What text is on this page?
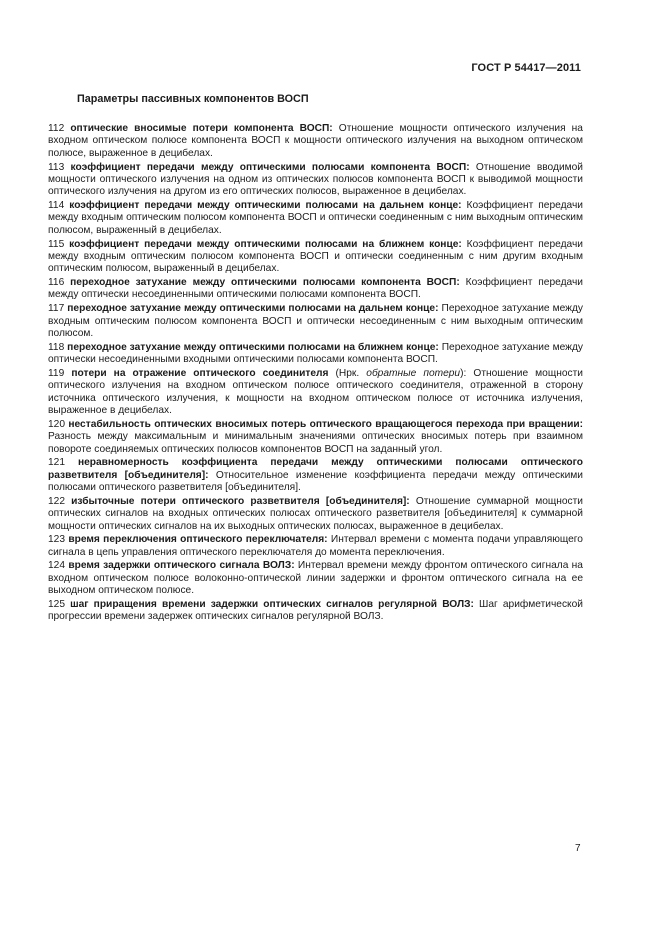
ГОСТ Р 54417—2011
Параметры пассивных компонентов ВОСП

112 оптические вносимые потери компонента ВОСП: Отношение мощности оптического излучения на входном оптическом полюсе компонента ВОСП к мощности оптического излучения на выходном оптическом полюсе, выраженное в децибелах.

113 коэффициент передачи между оптическими полюсами компонента ВОСП: Отношение вводимой мощности оптического излучения на одном из оптических полюсов компонента ВОСП к выводимой мощности оптического излучения на другом из его оптических полюсов, выраженное в децибелах.

114 коэффициент передачи между оптическими полюсами на дальнем конце: Коэффициент передачи между входным оптическим полюсом компонента ВОСП и оптически соединенным с ним выходным оптическим полюсом, выраженный в децибелах.

115 коэффициент передачи между оптическими полюсами на ближнем конце: Коэффициент передачи между входным оптическим полюсом компонента ВОСП и оптически соединенным с ним другим входным оптическим полюсом, выраженный в децибелах.

116 переходное затухание между оптическими полюсами компонента ВОСП: Коэффициент передачи между оптически несоединенными оптическими полюсами компонента ВОСП.

117 переходное затухание между оптическими полюсами на дальнем конце: Переходное затухание между входным оптическим полюсом компонента ВОСП и оптически несоединенным с ним выходным оптическим полюсом.

118 переходное затухание между оптическими полюсами на ближнем конце: Переходное затухание между оптически несоединенными входными оптическими полюсами компонента ВОСП.

119 потери на отражение оптического соединителя (Нрк. обратные потери): Отношение мощности оптического излучения на входном оптическом полюсе оптического соединителя, отраженной в сторону источника оптического излучения, к мощности на входном оптическом полюсе от источника излучения, выраженное в децибелах.

120 нестабильность оптических вносимых потерь оптического вращающегося перехода при вращении: Разность между максимальным и минимальным значениями оптических вносимых потерь при взаимном повороте соединяемых оптических полюсов компонентов ВОСП на заданный угол.

121 неравномерность коэффициента передачи между оптическими полюсами оптического разветвителя [объединителя]: Относительное изменение коэффициента передачи между оптическими полюсами оптического разветвителя [объединителя].

122 избыточные потери оптического разветвителя [объединителя]: Отношение суммарной мощности оптических сигналов на входных оптических полюсах оптического разветвителя [объединителя] к суммарной мощности оптических сигналов на их выходных оптических полюсах, выраженное в децибелах.

123 время переключения оптического переключателя: Интервал времени с момента подачи управляющего сигнала в цепь управления оптического переключателя до момента переключения.

124 время задержки оптического сигнала ВОЛЗ: Интервал времени между фронтом оптического сигнала на входном оптическом полюсе волоконно-оптической линии задержки и фронтом оптического сигнала на ее выходном оптическом полюсе.

125 шаг приращения времени задержки оптических сигналов регулярной ВОЛЗ: Шаг арифметической прогрессии времени задержек оптических сигналов регулярной ВОЛЗ.

7
